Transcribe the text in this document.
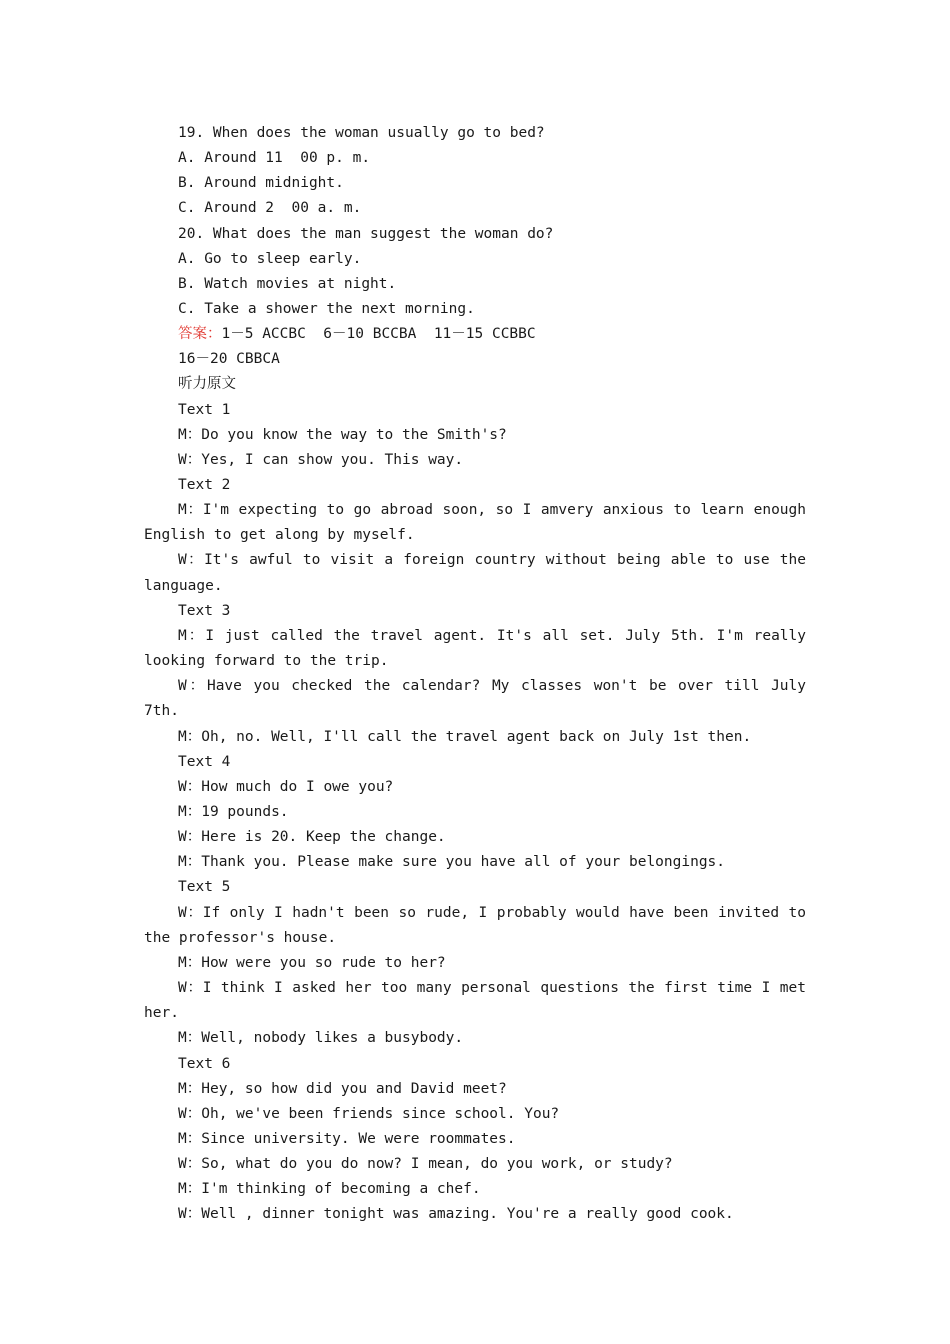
19. When does the woman usually go to bed?
A. Around 11  00 p. m.
B. Around midnight.
C. Around 2  00 a. m.
20. What does the man suggest the woman do?
A. Go to sleep early.
B. Watch movies at night.
C. Take a shower the next morning.
答案：1－5 ACCBC  6－10 BCCBA  11－15 CCBBC
16－20 CBBCA
听力原文
Text 1
M：Do you know the way to the Smith's?
W：Yes, I can show you. This way.
Text 2
M：I'm expecting to go abroad soon, so I amvery anxious to learn enough English to get along by myself.
W：It's awful to visit a foreign country without being able to use the language.
Text 3
M：I just called the travel agent. It's all set. July 5th. I'm really looking forward to the trip.
W：Have you checked the calendar? My classes won't be over till July 7th.
M：Oh, no. Well, I'll call the travel agent back on July 1st then.
Text 4
W：How much do I owe you?
M：19 pounds.
W：Here is 20. Keep the change.
M：Thank you. Please make sure you have all of your belongings.
Text 5
W：If only I hadn't been so rude, I probably would have been invited to the professor's house.
M：How were you so rude to her?
W：I think I asked her too many personal questions the first time I met her.
M：Well, nobody likes a busybody.
Text 6
M：Hey, so how did you and David meet?
W：Oh, we've been friends since school. You?
M：Since university. We were roommates.
W：So, what do you do now? I mean, do you work, or study?
M：I'm thinking of becoming a chef.
W：Well , dinner tonight was amazing. You're a really good cook.
